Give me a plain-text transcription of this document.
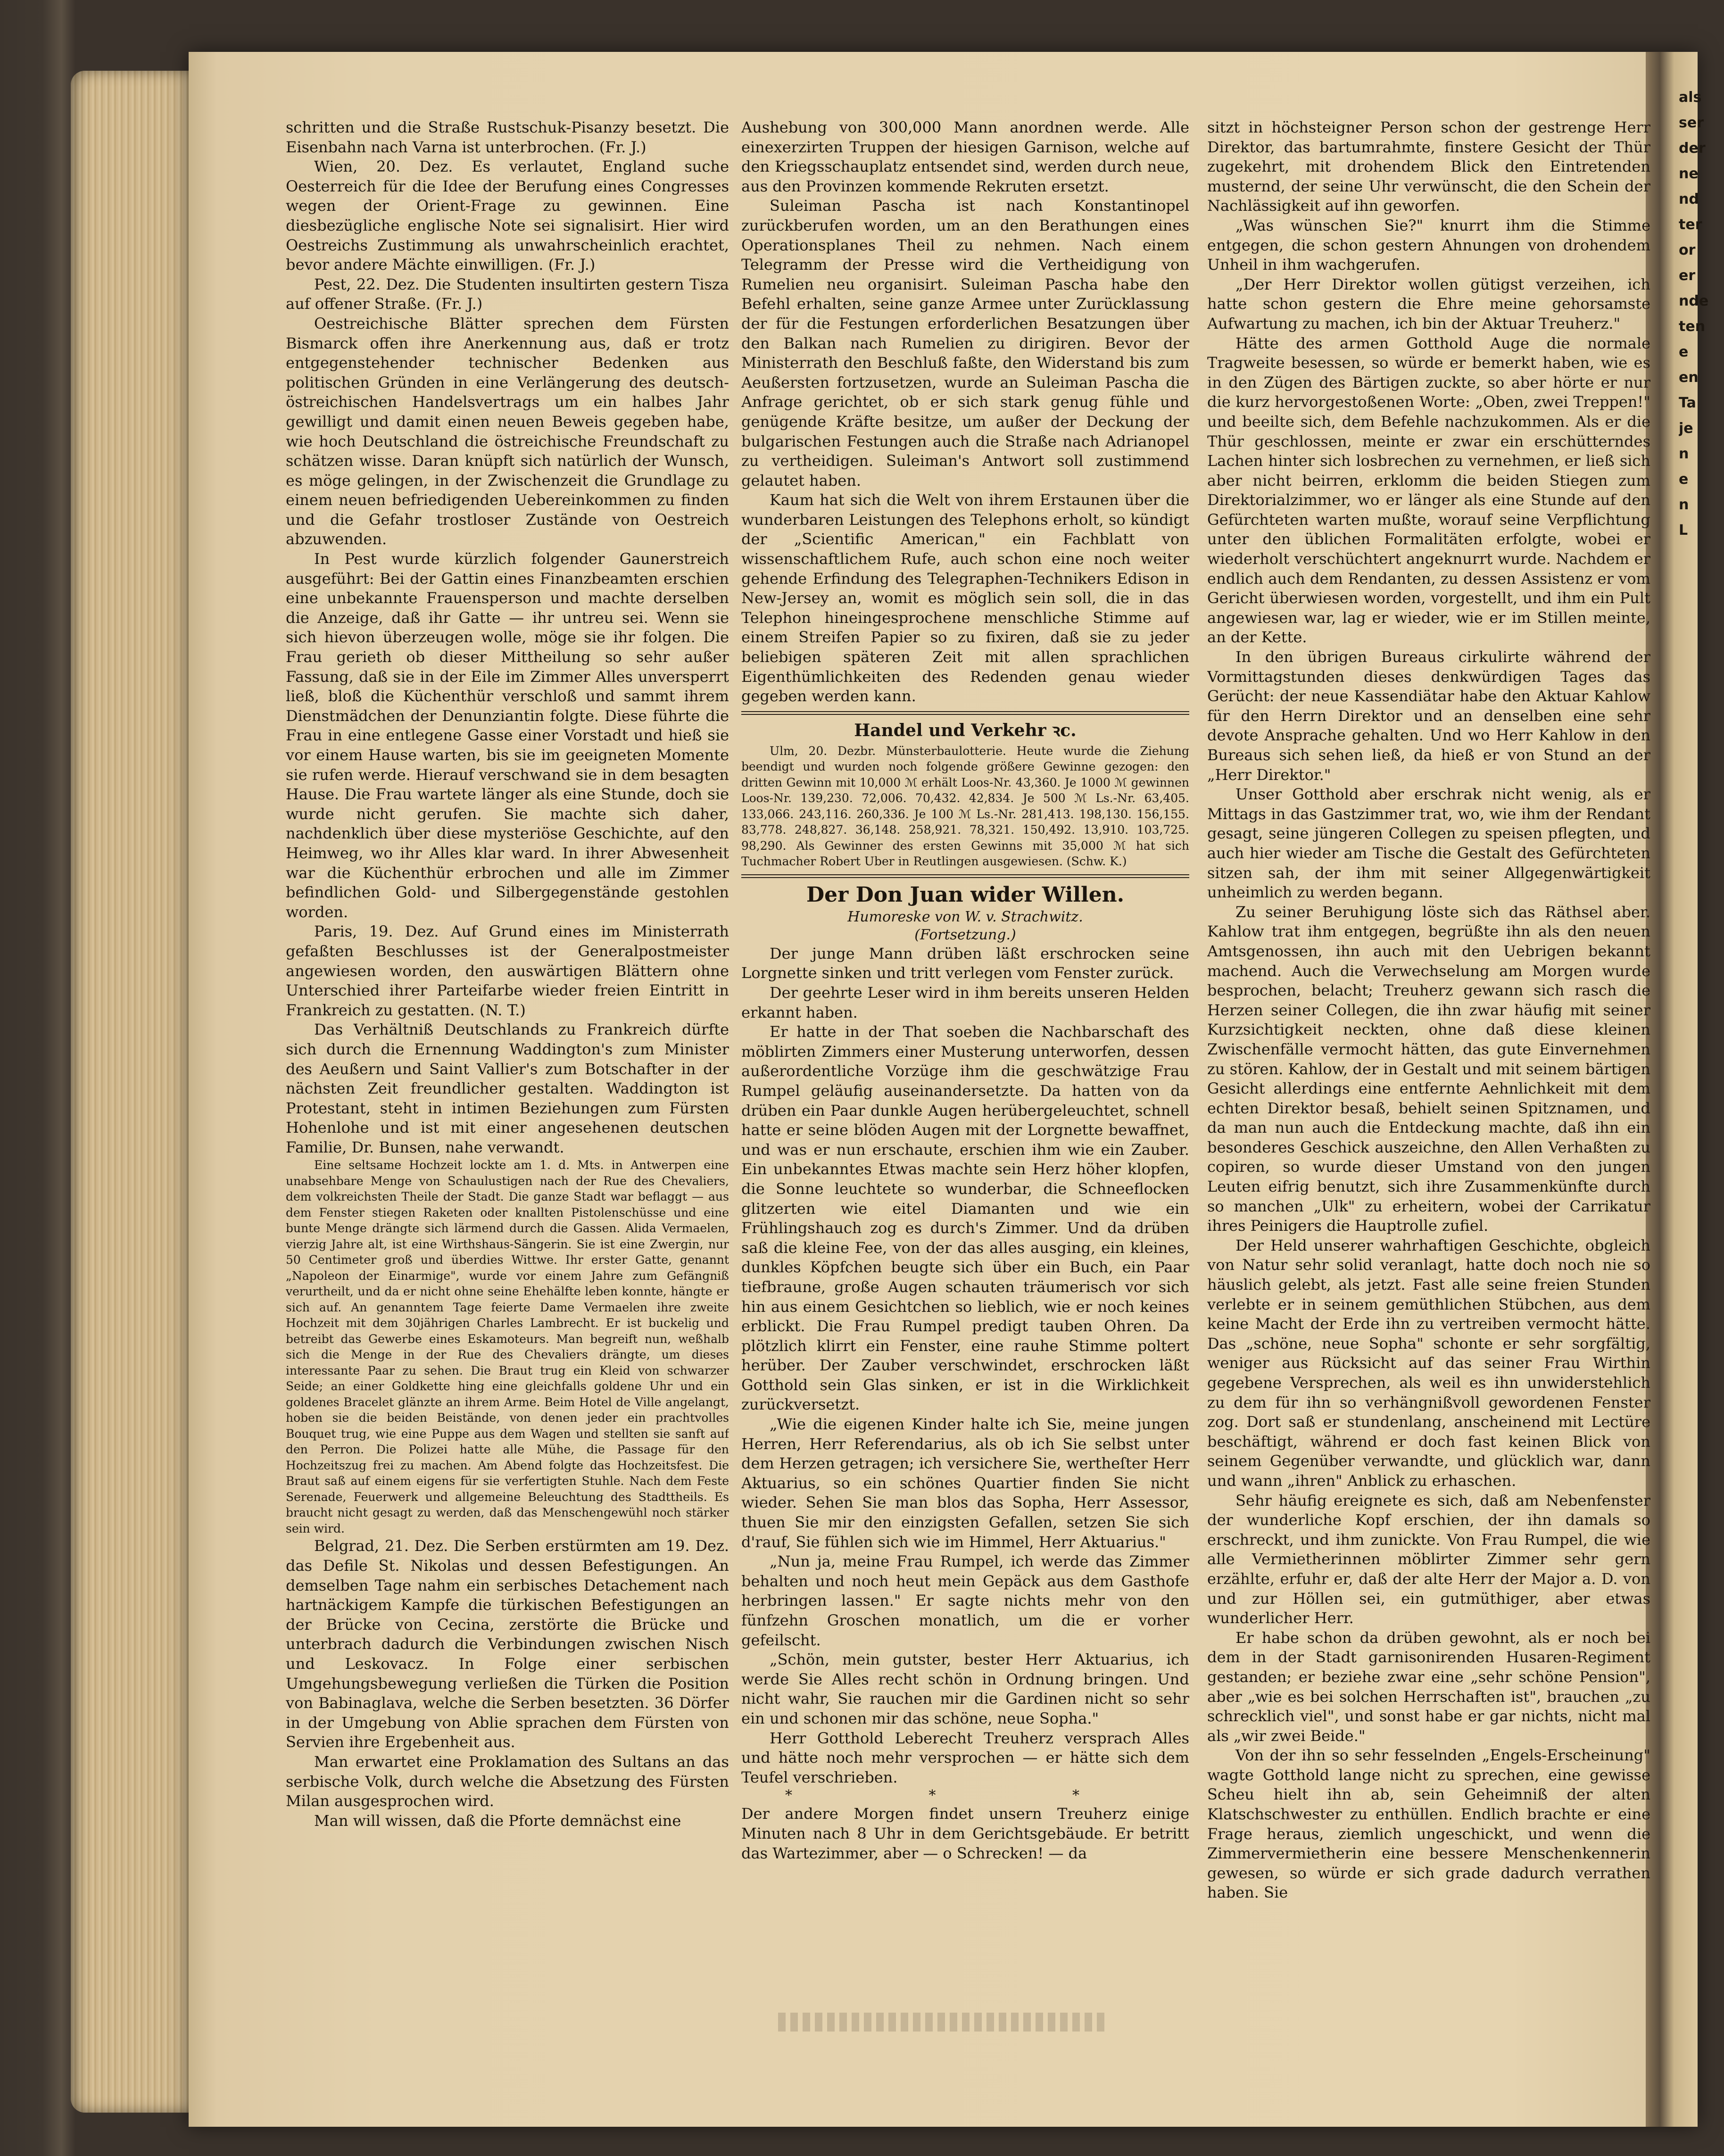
als
ser
der
ne
nd
ter
or
er
nde
ten
e
en
Ta
je
n
e
n
L

schritten und die Straße Rustschuk-Pisanzy besetzt. Die Eisenbahn nach Varna ist unterbrochen. (Fr. J.)

Wien, 20. Dez. Es verlautet, England suche Oesterreich für die Idee der Berufung eines Congresses wegen der Orient-Frage zu gewinnen. Eine diesbezügliche englische Note sei signalisirt. Hier wird Oestreichs Zustimmung als unwahrscheinlich erachtet, bevor andere Mächte einwilligen. (Fr. J.)

Pest, 22. Dez. Die Studenten insultirten gestern Tisza auf offener Straße. (Fr. J.)

Oestreichische Blätter sprechen dem Fürsten Bismarck offen ihre Anerkennung aus, daß er trotz entgegenstehender technischer Bedenken aus politischen Gründen in eine Verlängerung des deutsch-östreichischen Handelsvertrags um ein halbes Jahr gewilligt und damit einen neuen Beweis gegeben habe, wie hoch Deutschland die östreichische Freundschaft zu schätzen wisse. Daran knüpft sich natürlich der Wunsch, es möge gelingen, in der Zwischenzeit die Grundlage zu einem neuen befriedigenden Uebereinkommen zu finden und die Gefahr trostloser Zustände von Oestreich abzuwenden.

In Pest wurde kürzlich folgender Gaunerstreich ausgeführt: Bei der Gattin eines Finanzbeamten erschien eine unbekannte Frauensperson und machte derselben die Anzeige, daß ihr Gatte — ihr untreu sei. Wenn sie sich hievon überzeugen wolle, möge sie ihr folgen. Die Frau gerieth ob dieser Mittheilung so sehr außer Fassung, daß sie in der Eile im Zimmer Alles unversperrt ließ, bloß die Küchenthür verschloß und sammt ihrem Dienstmädchen der Denunziantin folgte. Diese führte die Frau in eine entlegene Gasse einer Vorstadt und hieß sie vor einem Hause warten, bis sie im geeigneten Momente sie rufen werde. Hierauf verschwand sie in dem besagten Hause. Die Frau wartete länger als eine Stunde, doch sie wurde nicht gerufen. Sie machte sich daher, nachdenklich über diese mysteriöse Geschichte, auf den Heimweg, wo ihr Alles klar ward. In ihrer Abwesenheit war die Küchenthür erbrochen und alle im Zimmer befindlichen Gold- und Silbergegenstände gestohlen worden.

Paris, 19. Dez. Auf Grund eines im Ministerrath gefaßten Beschlusses ist der Generalpostmeister angewiesen worden, den auswärtigen Blättern ohne Unterschied ihrer Parteifarbe wieder freien Eintritt in Frankreich zu gestatten. (N. T.)

Das Verhältniß Deutschlands zu Frankreich dürfte sich durch die Ernennung Waddington's zum Minister des Aeußern und Saint Vallier's zum Botschafter in der nächsten Zeit freundlicher gestalten. Waddington ist Protestant, steht in intimen Beziehungen zum Fürsten Hohenlohe und ist mit einer angesehenen deutschen Familie, Dr. Bunsen, nahe verwandt.

Eine seltsame Hochzeit lockte am 1. d. Mts. in Antwerpen eine unabsehbare Menge von Schaulustigen nach der Rue des Chevaliers, dem volkreichsten Theile der Stadt. Die ganze Stadt war beflaggt — aus dem Fenster stiegen Raketen oder knallten Pistolenschüsse und eine bunte Menge drängte sich lärmend durch die Gassen. Alida Vermaelen, vierzig Jahre alt, ist eine Wirthshaus-Sängerin. Sie ist eine Zwergin, nur 50 Centimeter groß und überdies Wittwe. Ihr erster Gatte, genannt „Napoleon der Einarmige", wurde vor einem Jahre zum Gefängniß verurtheilt, und da er nicht ohne seine Ehehälfte leben konnte, hängte er sich auf. An genanntem Tage feierte Dame Vermaelen ihre zweite Hochzeit mit dem 30jährigen Charles Lambrecht. Er ist buckelig und betreibt das Gewerbe eines Eskamoteurs. Man begreift nun, weßhalb sich die Menge in der Rue des Chevaliers drängte, um dieses interessante Paar zu sehen. Die Braut trug ein Kleid von schwarzer Seide; an einer Goldkette hing eine gleichfalls goldene Uhr und ein goldenes Bracelet glänzte an ihrem Arme. Beim Hotel de Ville angelangt, hoben sie die beiden Beistände, von denen jeder ein prachtvolles Bouquet trug, wie eine Puppe aus dem Wagen und stellten sie sanft auf den Perron. Die Polizei hatte alle Mühe, die Passage für den Hochzeitszug frei zu machen. Am Abend folgte das Hochzeitsfest. Die Braut saß auf einem eigens für sie verfertigten Stuhle. Nach dem Feste Serenade, Feuerwerk und allgemeine Beleuchtung des Stadttheils. Es braucht nicht gesagt zu werden, daß das Menschengewühl noch stärker sein wird.

Belgrad, 21. Dez. Die Serben erstürmten am 19. Dez. das Defile St. Nikolas und dessen Befestigungen. An demselben Tage nahm ein serbisches Detachement nach hartnäckigem Kampfe die türkischen Befestigungen an der Brücke von Cecina, zerstörte die Brücke und unterbrach dadurch die Verbindungen zwischen Nisch und Leskovacz. In Folge einer serbischen Umgehungsbewegung verließen die Türken die Position von Babinaglava, welche die Serben besetzten. 36 Dörfer in der Umgebung von Ablie sprachen dem Fürsten von Servien ihre Ergebenheit aus.

Man erwartet eine Proklamation des Sultans an das serbische Volk, durch welche die Absetzung des Fürsten Milan ausgesprochen wird.

Man will wissen, daß die Pforte demnächst eine

Aushebung von 300,000 Mann anordnen werde. Alle einexerzirten Truppen der hiesigen Garnison, welche auf den Kriegsschauplatz entsendet sind, werden durch neue, aus den Provinzen kommende Rekruten ersetzt.

Suleiman Pascha ist nach Konstantinopel zurückberufen worden, um an den Berathungen eines Operationsplanes Theil zu nehmen. Nach einem Telegramm der Presse wird die Vertheidigung von Rumelien neu organisirt. Suleiman Pascha habe den Befehl erhalten, seine ganze Armee unter Zurücklassung der für die Festungen erforderlichen Besatzungen über den Balkan nach Rumelien zu dirigiren. Bevor der Ministerrath den Beschluß faßte, den Widerstand bis zum Aeußersten fortzusetzen, wurde an Suleiman Pascha die Anfrage gerichtet, ob er sich stark genug fühle und genügende Kräfte besitze, um außer der Deckung der bulgarischen Festungen auch die Straße nach Adrianopel zu vertheidigen. Suleiman's Antwort soll zustimmend gelautet haben.

Kaum hat sich die Welt von ihrem Erstaunen über die wunderbaren Leistungen des Telephons erholt, so kündigt der „Scientific American," ein Fachblatt von wissenschaftlichem Rufe, auch schon eine noch weiter gehende Erfindung des Telegraphen-Technikers Edison in New-Jersey an, womit es möglich sein soll, die in das Telephon hineingesprochene menschliche Stimme auf einem Streifen Papier so zu fixiren, daß sie zu jeder beliebigen späteren Zeit mit allen sprachlichen Eigenthümlichkeiten des Redenden genau wieder gegeben werden kann.

Handel und Verkehr ꝛc.

Ulm, 20. Dezbr. Münsterbaulotterie. Heute wurde die Ziehung beendigt und wurden noch folgende größere Gewinne gezogen: den dritten Gewinn mit 10,000 ℳ erhält Loos-Nr. 43,360. Je 1000 ℳ gewinnen Loos-Nr. 139,230. 72,006. 70,432. 42,834. Je 500 ℳ Ls.-Nr. 63,405. 133,066. 243,116. 260,336. Je 100 ℳ Ls.-Nr. 281,413. 198,130. 156,155. 83,778. 248,827. 36,148. 258,921. 78,321. 150,492. 13,910. 103,725. 98,290. Als Gewinner des ersten Gewinns mit 35,000 ℳ hat sich Tuchmacher Robert Uber in Reutlingen ausgewiesen. (Schw. K.)

Der Don Juan wider Willen.
Humoreske von W. v. Strachwitz.
(Fortsetzung.)

Der junge Mann drüben läßt erschrocken seine Lorgnette sinken und tritt verlegen vom Fenster zurück.

Der geehrte Leser wird in ihm bereits unseren Helden erkannt haben.

Er hatte in der That soeben die Nachbarschaft des möblirten Zimmers einer Musterung unterworfen, dessen außerordentliche Vorzüge ihm die geschwätzige Frau Rumpel geläufig auseinandersetzte. Da hatten von da drüben ein Paar dunkle Augen herübergeleuchtet, schnell hatte er seine blöden Augen mit der Lorgnette bewaffnet, und was er nun erschaute, erschien ihm wie ein Zauber. Ein unbekanntes Etwas machte sein Herz höher klopfen, die Sonne leuchtete so wunderbar, die Schneeflocken glitzerten wie eitel Diamanten und wie ein Frühlingshauch zog es durch's Zimmer. Und da drüben saß die kleine Fee, von der das alles ausging, ein kleines, dunkles Köpfchen beugte sich über ein Buch, ein Paar tiefbraune, große Augen schauten träumerisch vor sich hin aus einem Gesichtchen so lieblich, wie er noch keines erblickt. Die Frau Rumpel predigt tauben Ohren. Da plötzlich klirrt ein Fenster, eine rauhe Stimme poltert herüber. Der Zauber verschwindet, erschrocken läßt Gotthold sein Glas sinken, er ist in die Wirklichkeit zurückversetzt.

„Wie die eigenen Kinder halte ich Sie, meine jungen Herren, Herr Referendarius, als ob ich Sie selbst unter dem Herzen getragen; ich versichere Sie, wertheſter Herr Aktuarius, so ein schönes Quartier finden Sie nicht wieder. Sehen Sie man blos das Sopha, Herr Assessor, thuen Sie mir den einzigsten Gefallen, setzen Sie sich d'rauf, Sie fühlen sich wie im Himmel, Herr Aktuarius."

„Nun ja, meine Frau Rumpel, ich werde das Zimmer behalten und noch heut mein Gepäck aus dem Gasthofe herbringen lassen." Er sagte nichts mehr von den fünfzehn Groschen monatlich, um die er vorher gefeilscht.

„Schön, mein gutster, bester Herr Aktuarius, ich werde Sie Alles recht schön in Ordnung bringen. Und nicht wahr, Sie rauchen mir die Gardinen nicht so sehr ein und schonen mir das schöne, neue Sopha."

Herr Gotthold Leberecht Treuherz versprach Alles und hätte noch mehr versprochen — er hätte sich dem Teufel verschrieben.

* * *

Der andere Morgen findet unsern Treuherz einige Minuten nach 8 Uhr in dem Gerichtsgebäude. Er betritt das Wartezimmer, aber — o Schrecken! — da

sitzt in höchsteigner Person schon der gestrenge Herr Direktor, das bartumrahmte, finstere Gesicht der Thür zugekehrt, mit drohendem Blick den Eintretenden musternd, der seine Uhr verwünscht, die den Schein der Nachlässigkeit auf ihn geworfen.

„Was wünschen Sie?" knurrt ihm die Stimme entgegen, die schon gestern Ahnungen von drohendem Unheil in ihm wachgerufen.

„Der Herr Direktor wollen gütigst verzeihen, ich hatte schon gestern die Ehre meine gehorsamste Aufwartung zu machen, ich bin der Aktuar Treuherz."

Hätte des armen Gotthold Auge die normale Tragweite besessen, so würde er bemerkt haben, wie es in den Zügen des Bärtigen zuckte, so aber hörte er nur die kurz hervorgestoßenen Worte: „Oben, zwei Treppen!" und beeilte sich, dem Befehle nachzukommen. Als er die Thür geschlossen, meinte er zwar ein erschütterndes Lachen hinter sich losbrechen zu vernehmen, er ließ sich aber nicht beirren, erklomm die beiden Stiegen zum Direktorialzimmer, wo er länger als eine Stunde auf den Gefürchteten warten mußte, worauf seine Verpflichtung unter den üblichen Formalitäten erfolgte, wobei er wiederholt verschüchtert angeknurrt wurde. Nachdem er endlich auch dem Rendanten, zu dessen Assistenz er vom Gericht überwiesen worden, vorgestellt, und ihm ein Pult angewiesen war, lag er wieder, wie er im Stillen meinte, an der Kette.

In den übrigen Bureaus cirkulirte während der Vormittagstunden dieses denkwürdigen Tages das Gerücht: der neue Kassendiätar habe den Aktuar Kahlow für den Herrn Direktor und an denselben eine sehr devote Ansprache gehalten. Und wo Herr Kahlow in den Bureaus sich sehen ließ, da hieß er von Stund an der „Herr Direktor."

Unser Gotthold aber erschrak nicht wenig, als er Mittags in das Gastzimmer trat, wo, wie ihm der Rendant gesagt, seine jüngeren Collegen zu speisen pflegten, und auch hier wieder am Tische die Gestalt des Gefürchteten sitzen sah, der ihm mit seiner Allgegenwärtigkeit unheimlich zu werden begann.

Zu seiner Beruhigung löste sich das Räthsel aber. Kahlow trat ihm entgegen, begrüßte ihn als den neuen Amtsgenossen, ihn auch mit den Uebrigen bekannt machend. Auch die Verwechselung am Morgen wurde besprochen, belacht; Treuherz gewann sich rasch die Herzen seiner Collegen, die ihn zwar häufig mit seiner Kurzsichtigkeit neckten, ohne daß diese kleinen Zwischenfälle vermocht hätten, das gute Einvernehmen zu stören. Kahlow, der in Gestalt und mit seinem bärtigen Gesicht allerdings eine entfernte Aehnlichkeit mit dem echten Direktor besaß, behielt seinen Spitznamen, und da man nun auch die Entdeckung machte, daß ihn ein besonderes Geschick auszeichne, den Allen Verhaßten zu copiren, so wurde dieser Umstand von den jungen Leuten eifrig benutzt, sich ihre Zusammenkünfte durch so manchen „Ulk" zu erheitern, wobei der Carrikatur ihres Peinigers die Hauptrolle zufiel.

Der Held unserer wahrhaftigen Geschichte, obgleich von Natur sehr solid veranlagt, hatte doch noch nie so häuslich gelebt, als jetzt. Fast alle seine freien Stunden verlebte er in seinem gemüthlichen Stübchen, aus dem keine Macht der Erde ihn zu vertreiben vermocht hätte. Das „schöne, neue Sopha" schonte er sehr sorgfältig, weniger aus Rücksicht auf das seiner Frau Wirthin gegebene Versprechen, als weil es ihn unwiderstehlich zu dem für ihn so verhängnißvoll gewordenen Fenster zog. Dort saß er stundenlang, anscheinend mit Lectüre beschäftigt, während er doch fast keinen Blick von seinem Gegenüber verwandte, und glücklich war, dann und wann „ihren" Anblick zu erhaschen.

Sehr häufig ereignete es sich, daß am Nebenfenster der wunderliche Kopf erschien, der ihn damals so erschreckt, und ihm zunickte. Von Frau Rumpel, die wie alle Vermietherinnen möblirter Zimmer sehr gern erzählte, erfuhr er, daß der alte Herr der Major a. D. von und zur Höllen sei, ein gutmüthiger, aber etwas wunderlicher Herr.

Er habe schon da drüben gewohnt, als er noch bei dem in der Stadt garnisonirenden Husaren-Regiment gestanden; er beziehe zwar eine „sehr schöne Pension", aber „wie es bei solchen Herrschaften ist", brauchen „zu schrecklich viel", und sonst habe er gar nichts, nicht mal als „wir zwei Beide."

Von der ihn so sehr fesselnden „Engels-Erscheinung" wagte Gotthold lange nicht zu sprechen, eine gewisse Scheu hielt ihn ab, sein Geheimniß der alten Klatschschwester zu enthüllen. Endlich brachte er eine Frage heraus, ziemlich ungeschickt, und wenn die Zimmervermietherin eine bessere Menschenkennerin gewesen, so würde er sich grade dadurch verrathen haben. Sie
